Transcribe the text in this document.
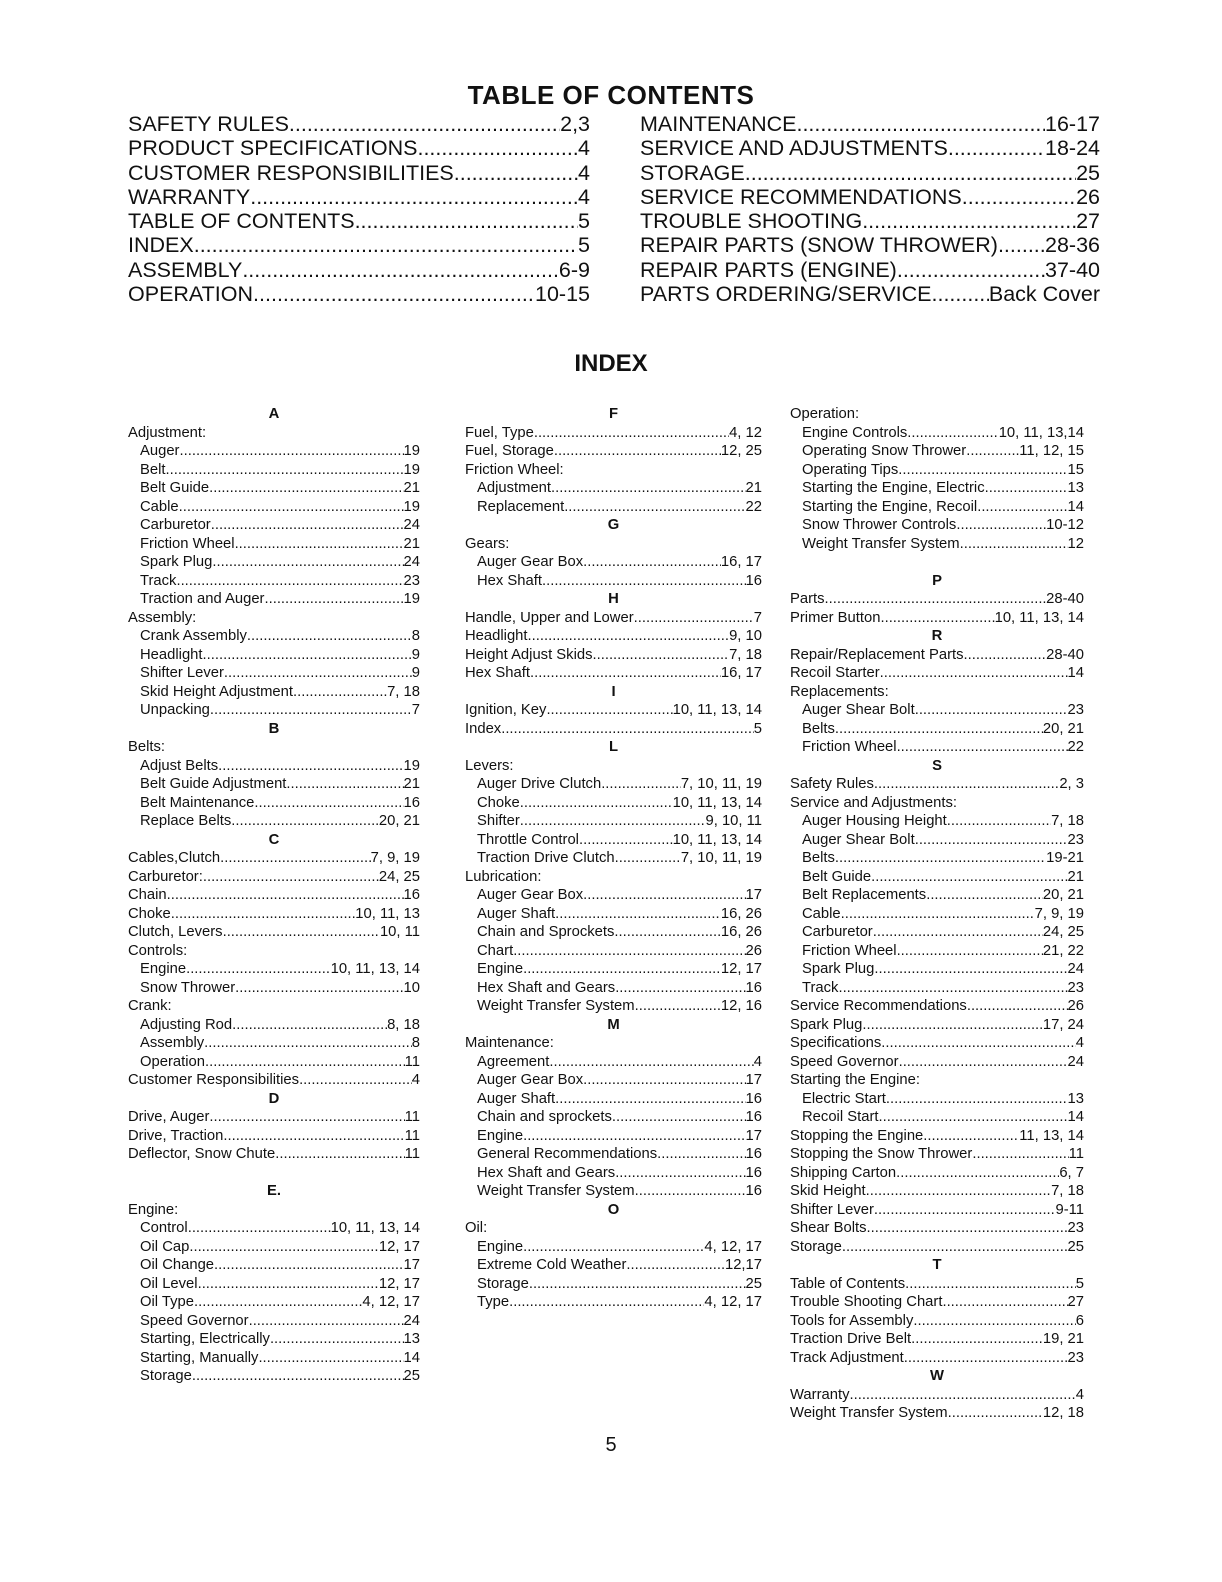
TABLE OF CONTENTS
SAFETY RULES .....	2,3
PRODUCT SPECIFICATIONS .....	4
CUSTOMER RESPONSIBILITIES .....	4
WARRANTY .....	4
TABLE OF CONTENTS .....	5
INDEX .....	5
ASSEMBLY .....	6-9
OPERATION .....	10-15
MAINTENANCE .....	16-17
SERVICE AND ADJUSTMENTS .....	18-24
STORAGE .....	25
SERVICE RECOMMENDATIONS .....	26
TROUBLE SHOOTING .....	27
REPAIR PARTS (SNOW THROWER) ..... 28-36
REPAIR PARTS (ENGINE) .....	37-40
PARTS ORDERING/SERVICE .....	Back Cover
INDEX
A
Adjustment:
Auger .....	19
Belt .....	19
Belt Guide .....	21
Cable .....	19
Carburetor .....	24
Friction Wheel .....	21
Spark Plug .....	24
Track .....	23
Traction and Auger .....	19
Assembly:
Crank Assembly .....	8
Headlight .....	9
Shifter Lever .....	9
Skid Height Adjustment .....	7, 18
Unpacking .....	7
B
Belts:
Adjust Belts .....	19
Belt Guide Adjustment .....	21
Belt Maintenance .....	16
Replace Belts .....	20, 21
C
Cables,Clutch .....	7, 9, 19
Carburetor: .....	24, 25
Chain .....	16
Choke .....	10, 11, 13
Clutch, Levers .....	10, 11
Controls:
Engine .....	10, 11, 13, 14
Snow Thrower .....	10
Crank:
Adjusting Rod .....	8, 18
Assembly .....	8
Operation .....	11
Customer Responsibilities .....	4
D
Drive, Auger .....	11
Drive, Traction .....	11
Deflector, Snow Chute .....	11
E.
Engine:
Control .....	10, 11, 13, 14
Oil Cap .....	12, 17
Oil Change .....	17
Oil Level .....	12, 17
Oil Type .....	4, 12, 17
Speed Governor .....	24
Starting, Electrically .....	13
Starting, Manually .....	14
Storage .....	25
F
Fuel, Type .....	4, 12
Fuel, Storage .....	12, 25
Friction Wheel:
Adjustment .....	21
Replacement .....	22
G
Gears:
Auger Gear Box .....	16, 17
Hex Shaft .....	16
H
Handle, Upper and Lower .....	7
Headlight .....	9, 10
Height Adjust Skids .....	7, 18
Hex Shaft .....	16, 17
I
Ignition, Key .....	10, 11, 13, 14
Index .....	5
L
Levers:
Auger Drive Clutch .....	7, 10, 11, 19
Choke .....	10, 11, 13, 14
Shifter .....	9, 10, 11
Throttle Control .....	10, 11, 13, 14
Traction Drive Clutch .....	7, 10, 11, 19
Lubrication:
Auger Gear Box .....	17
Auger Shaft .....	16, 26
Chain and Sprockets .....	16, 26
Chart .....	26
Engine .....	12, 17
Hex Shaft and Gears .....	16
Weight Transfer System .....	12, 16
M
Maintenance:
Agreement .....	4
Auger Gear Box .....	17
Auger Shaft .....	16
Chain and sprockets .....	16
Engine .....	17
General Recommendations .....	16
Hex Shaft and Gears .....	16
Weight Transfer System .....	16
O
Oil:
Engine .....	4, 12, 17
Extreme Cold Weather .....	12,17
Storage .....	25
Type .....	4, 12, 17
Operation:
Engine Controls .....	10, 11, 13,14
Operating Snow Thrower .....	11, 12, 15
Operating Tips .....	15
Starting the Engine, Electric .....	13
Starting the Engine, Recoil .....	14
Snow Thrower Controls .....	10-12
Weight Transfer System .....	12
P
Parts .....	28-40
Primer Button .....	10, 11, 13, 14
R
Repair/Replacement Parts .....	28-40
Recoil Starter .....	14
Replacements:
Auger Shear Bolt .....	23
Belts .....	20, 21
Friction Wheel .....	22
S
Safety Rules .....	2, 3
Service and Adjustments:
Auger Housing Height .....	7, 18
Auger Shear Bolt .....	23
Belts .....	19-21
Belt Guide .....	21
Belt Replacements .....	20, 21
Cable .....	7, 9, 19
Carburetor .....	24, 25
Friction Wheel .....	21, 22
Spark Plug .....	24
Track .....	23
Service Recommendations .....	26
Spark Plug .....	17, 24
Specifications .....	4
Speed Governor .....	24
Starting the Engine:
Electric Start .....	13
Recoil Start .....	14
Stopping the Engine .....	11, 13, 14
Stopping the Snow Thrower .....	11
Shipping Carton .....	6, 7
Skid Height .....	7, 18
Shifter Lever .....	9-11
Shear Bolts .....	23
Storage .....	25
T
Table of Contents .....	5
Trouble Shooting Chart .....	27
Tools for Assembly .....	6
Traction Drive Belt .....	19, 21
Track Adjustment .....	23
W
Warranty .....	4
Weight Transfer System .....	12, 18
5
